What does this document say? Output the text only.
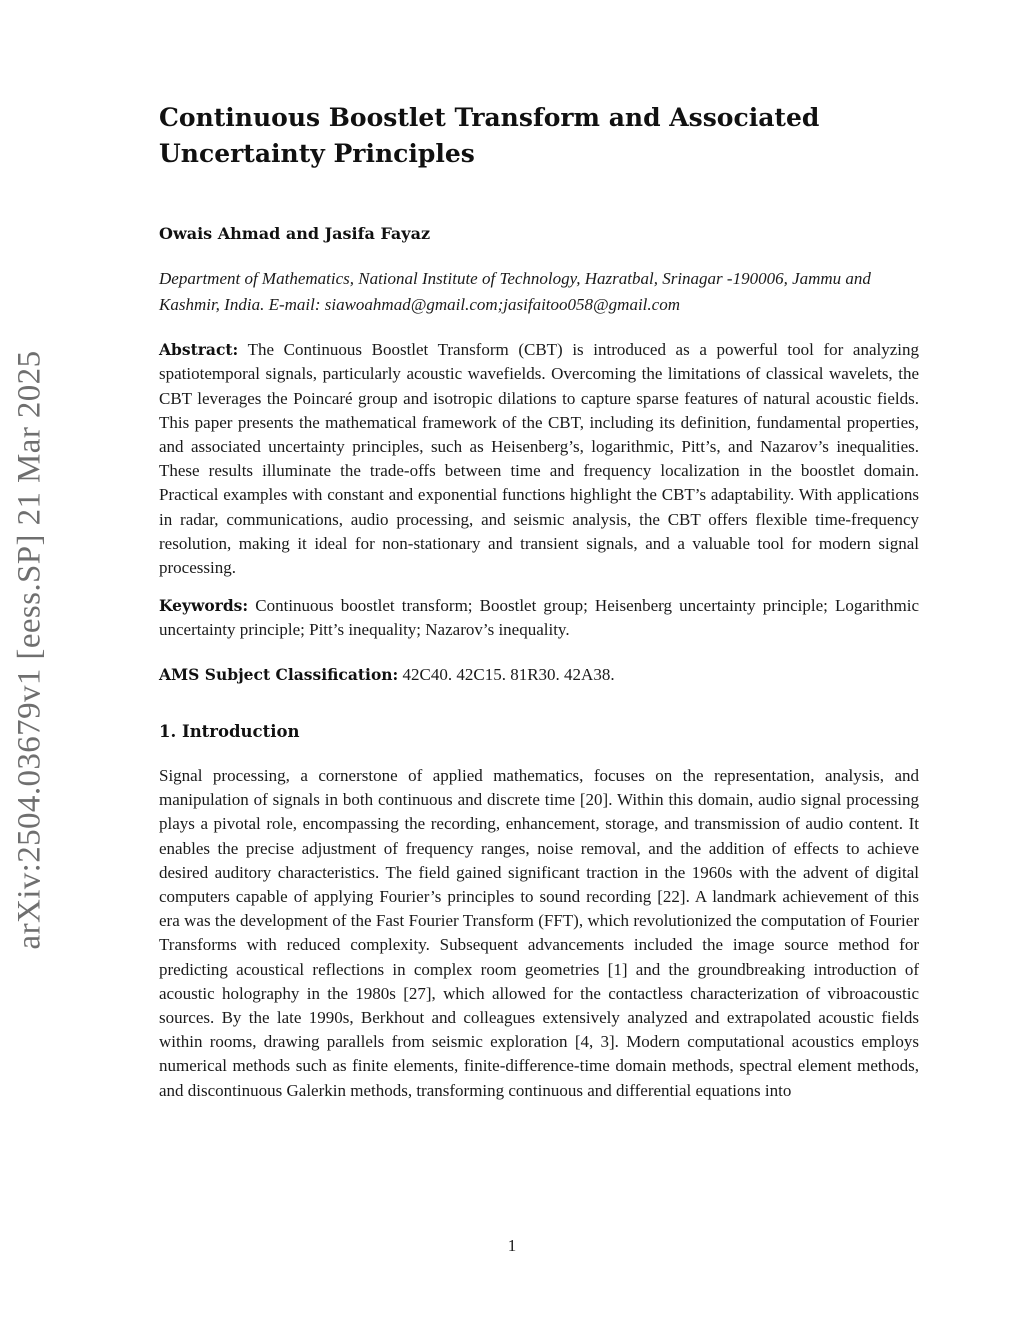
arXiv:2504.03679v1 [eess.SP] 21 Mar 2025
Continuous Boostlet Transform and Associated
Uncertainty Principles
Owais Ahmad and Jasifa Fayaz
Department of Mathematics, National Institute of Technology, Hazratbal, Srinagar -190006, Jammu and Kashmir, India. E-mail: siawoahmad@gmail.com;jasifaitoo058@gmail.com
Abstract: The Continuous Boostlet Transform (CBT) is introduced as a powerful tool for analyzing spatiotemporal signals, particularly acoustic wavefields. Overcoming the limitations of classical wavelets, the CBT leverages the Poincaré group and isotropic dilations to capture sparse features of natural acoustic fields. This paper presents the mathematical framework of the CBT, including its definition, fundamental properties, and associated uncertainty principles, such as Heisenberg’s, logarithmic, Pitt’s, and Nazarov’s inequalities. These results illuminate the trade-offs between time and frequency localization in the boostlet domain. Practical examples with constant and exponential functions highlight the CBT’s adaptability. With applications in radar, communications, audio processing, and seismic analysis, the CBT offers flexible time-frequency resolution, making it ideal for non-stationary and transient signals, and a valuable tool for modern signal processing.
Keywords: Continuous boostlet transform; Boostlet group; Heisenberg uncertainty principle; Logarithmic uncertainty principle; Pitt’s inequality; Nazarov’s inequality.
AMS Subject Classification: 42C40. 42C15. 81R30. 42A38.
1. Introduction
Signal processing, a cornerstone of applied mathematics, focuses on the representation, analysis, and manipulation of signals in both continuous and discrete time [20]. Within this domain, audio signal processing plays a pivotal role, encompassing the recording, enhancement, storage, and transmission of audio content. It enables the precise adjustment of frequency ranges, noise removal, and the addition of effects to achieve desired auditory characteristics. The field gained significant traction in the 1960s with the advent of digital computers capable of applying Fourier’s principles to sound recording [22]. A landmark achievement of this era was the development of the Fast Fourier Transform (FFT), which revolutionized the computation of Fourier Transforms with reduced complexity. Subsequent advancements included the image source method for predicting acoustical reflections in complex room geometries [1] and the groundbreaking introduction of acoustic holography in the 1980s [27], which allowed for the contactless characterization of vibroacoustic sources. By the late 1990s, Berkhout and colleagues extensively analyzed and extrapolated acoustic fields within rooms, drawing parallels from seismic exploration [4, 3]. Modern computational acoustics employs numerical methods such as finite elements, finite-difference-time domain methods, spectral element methods, and discontinuous Galerkin methods, transforming continuous and differential equations into
1
